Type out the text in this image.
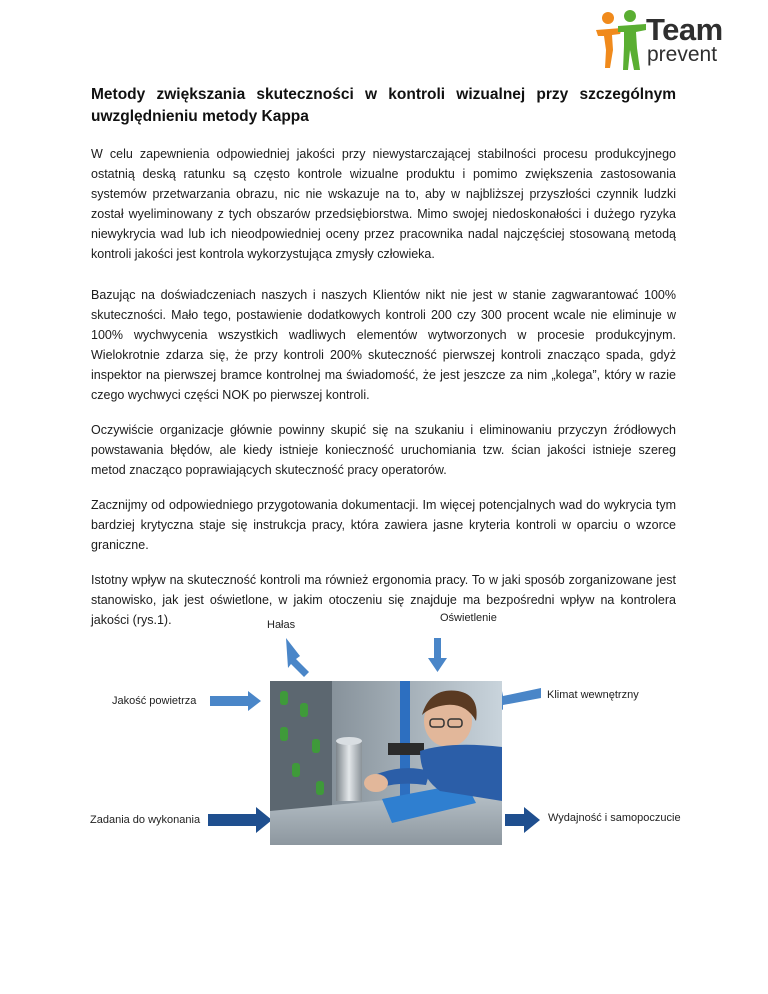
Team
prevent
Metody zwiększania skuteczności w kontroli wizualnej przy szczególnym uwzględnieniu metody Kappa

W celu zapewnienia odpowiedniej jakości przy niewystarczającej stabilności procesu produkcyjnego ostatnią deską ratunku są często kontrole wizualne produktu i pomimo zwiększenia zastosowania systemów przetwarzania obrazu, nic nie wskazuje na to, aby w najbliższej przyszłości czynnik ludzki został wyeliminowany z tych obszarów przedsiębiorstwa. Mimo swojej niedoskonałości i dużego ryzyka niewykrycia wad lub ich nieodpowiedniej oceny przez pracownika nadal najczęściej stosowaną metodą kontroli jakości jest kontrola wykorzystująca zmysły człowieka.

Bazując na doświadczeniach naszych i naszych Klientów nikt nie jest w stanie zagwarantować 100% skuteczności. Mało tego, postawienie dodatkowych kontroli 200 czy 300 procent wcale nie eliminuje w 100% wychwycenia wszystkich wadliwych elementów wytworzonych w procesie produkcyjnym. Wielokrotnie zdarza się, że przy kontroli 200% skuteczność pierwszej kontroli znacząco spada, gdyż inspektor na pierwszej bramce kontrolnej ma świadomość, że jest jeszcze za nim „kolega”, który w razie czego wychwyci części NOK po pierwszej kontroli.

Oczywiście organizacje głównie powinny skupić się na szukaniu i eliminowaniu przyczyn źródłowych powstawania błędów, ale kiedy istnieje konieczność uruchomiania tzw. ścian jakości istnieje szereg metod znacząco poprawiających skuteczność pracy operatorów.

Zacznijmy od odpowiedniego przygotowania dokumentacji. Im więcej potencjalnych wad do wykrycia tym bardziej krytyczna staje się instrukcja pracy, która zawiera jasne kryteria kontroli w oparciu o wzorce graniczne.

Istotny wpływ na skuteczność kontroli ma również ergonomia pracy. To w jaki sposób zorganizowane jest stanowisko, jak jest oświetlone, w jakim otoczeniu się znajduje ma bezpośredni wpływ na kontrolera jakości (rys.1).	Hałas
Oświetlenie
Jakość powietrza	Klimat wewnętrzny
Zadania do wykonania	Wydajność i samopoczucie
